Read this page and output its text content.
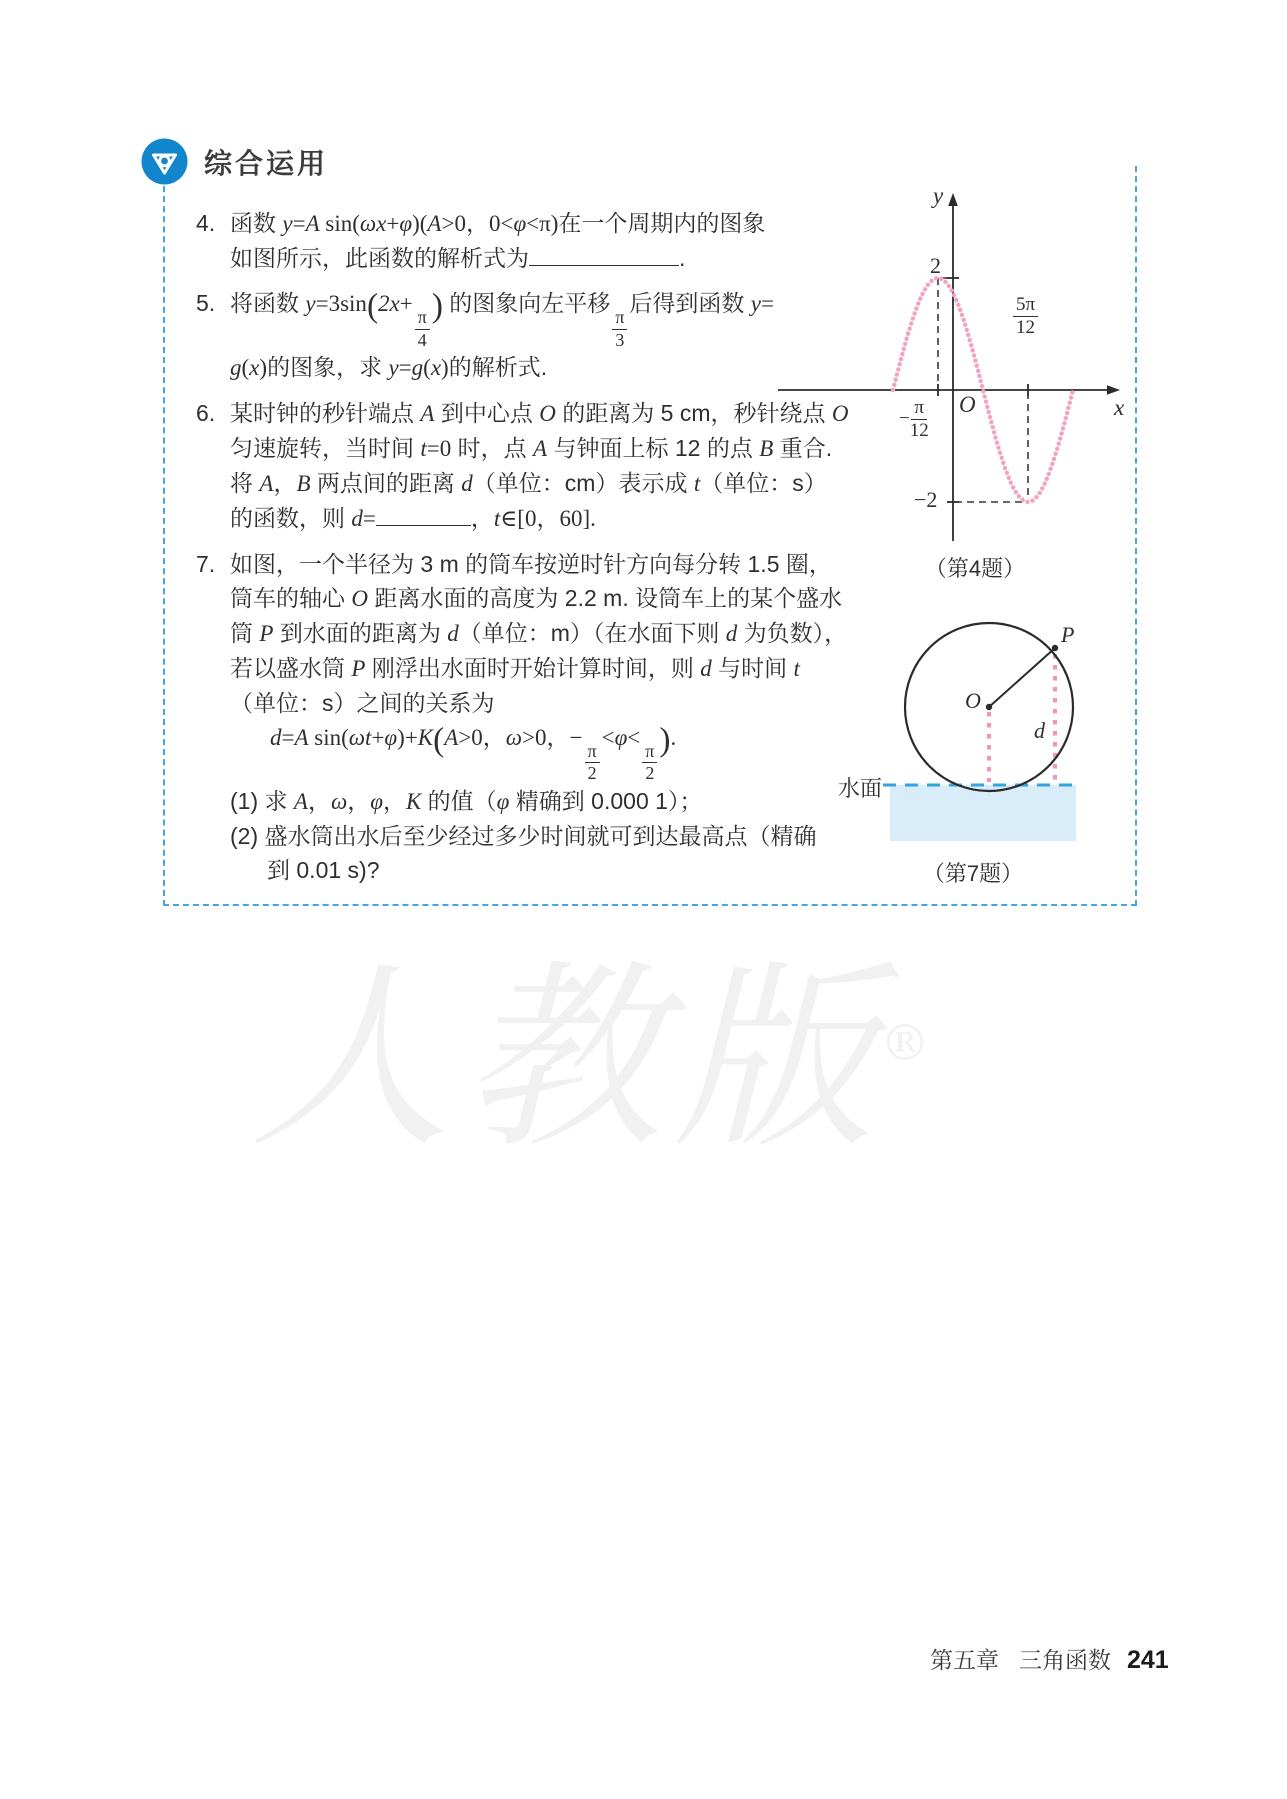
人教版®
综合运用
4. 函数 y=A sin(ωx+φ)(A>0，0<φ<π)在一个周期内的图象
如图所示，此函数的解析式为	.
5. 将函数 y=3sin(2x+
$\frac{\pi}{4}$
) 的图象向左平移
$\frac{\pi}{3}$
后得到函数 y=
g(x)的图象，求 y=g(x)的解析式.
6. 某时钟的秒针端点 A 到中心点 O 的距离为 5 cm，秒针绕点 O
匀速旋转，当时间 t=0 时，点 A 与钟面上标 12 的点 B 重合.
将 A，B 两点间的距离 d（单位：cm）表示成 t（单位：s）
的函数，则 d=	，t∈[0，60].
7. 如图，一个半径为 3 m 的筒车按逆时针方向每分转 1.5 圈，
筒车的轴心 O 距离水面的高度为 2.2 m. 设筒车上的某个盛水
筒 P 到水面的距离为 d（单位：m）（在水面下则 d 为负数），
若以盛水筒 P 刚浮出水面时开始计算时间，则 d 与时间 t
（单位：s）之间的关系为
d=A sin(ωt+φ)+K(A>0，ω>0，−
$\frac{\pi}{2}$
<φ<
$\frac{\pi}{2}$
).
(1) 求 A，ω，φ，K 的值（φ 精确到 0.000 1）；
(2) 盛水筒出水后至少经过多少时间就可到达最高点（精确
到 0.01 s)?
y
x
O
2
−2
− $\frac{\pi}{12}$
5π
12
（第4题）
水面
O
P
d
（第7题）
第五章 三角函数 241
